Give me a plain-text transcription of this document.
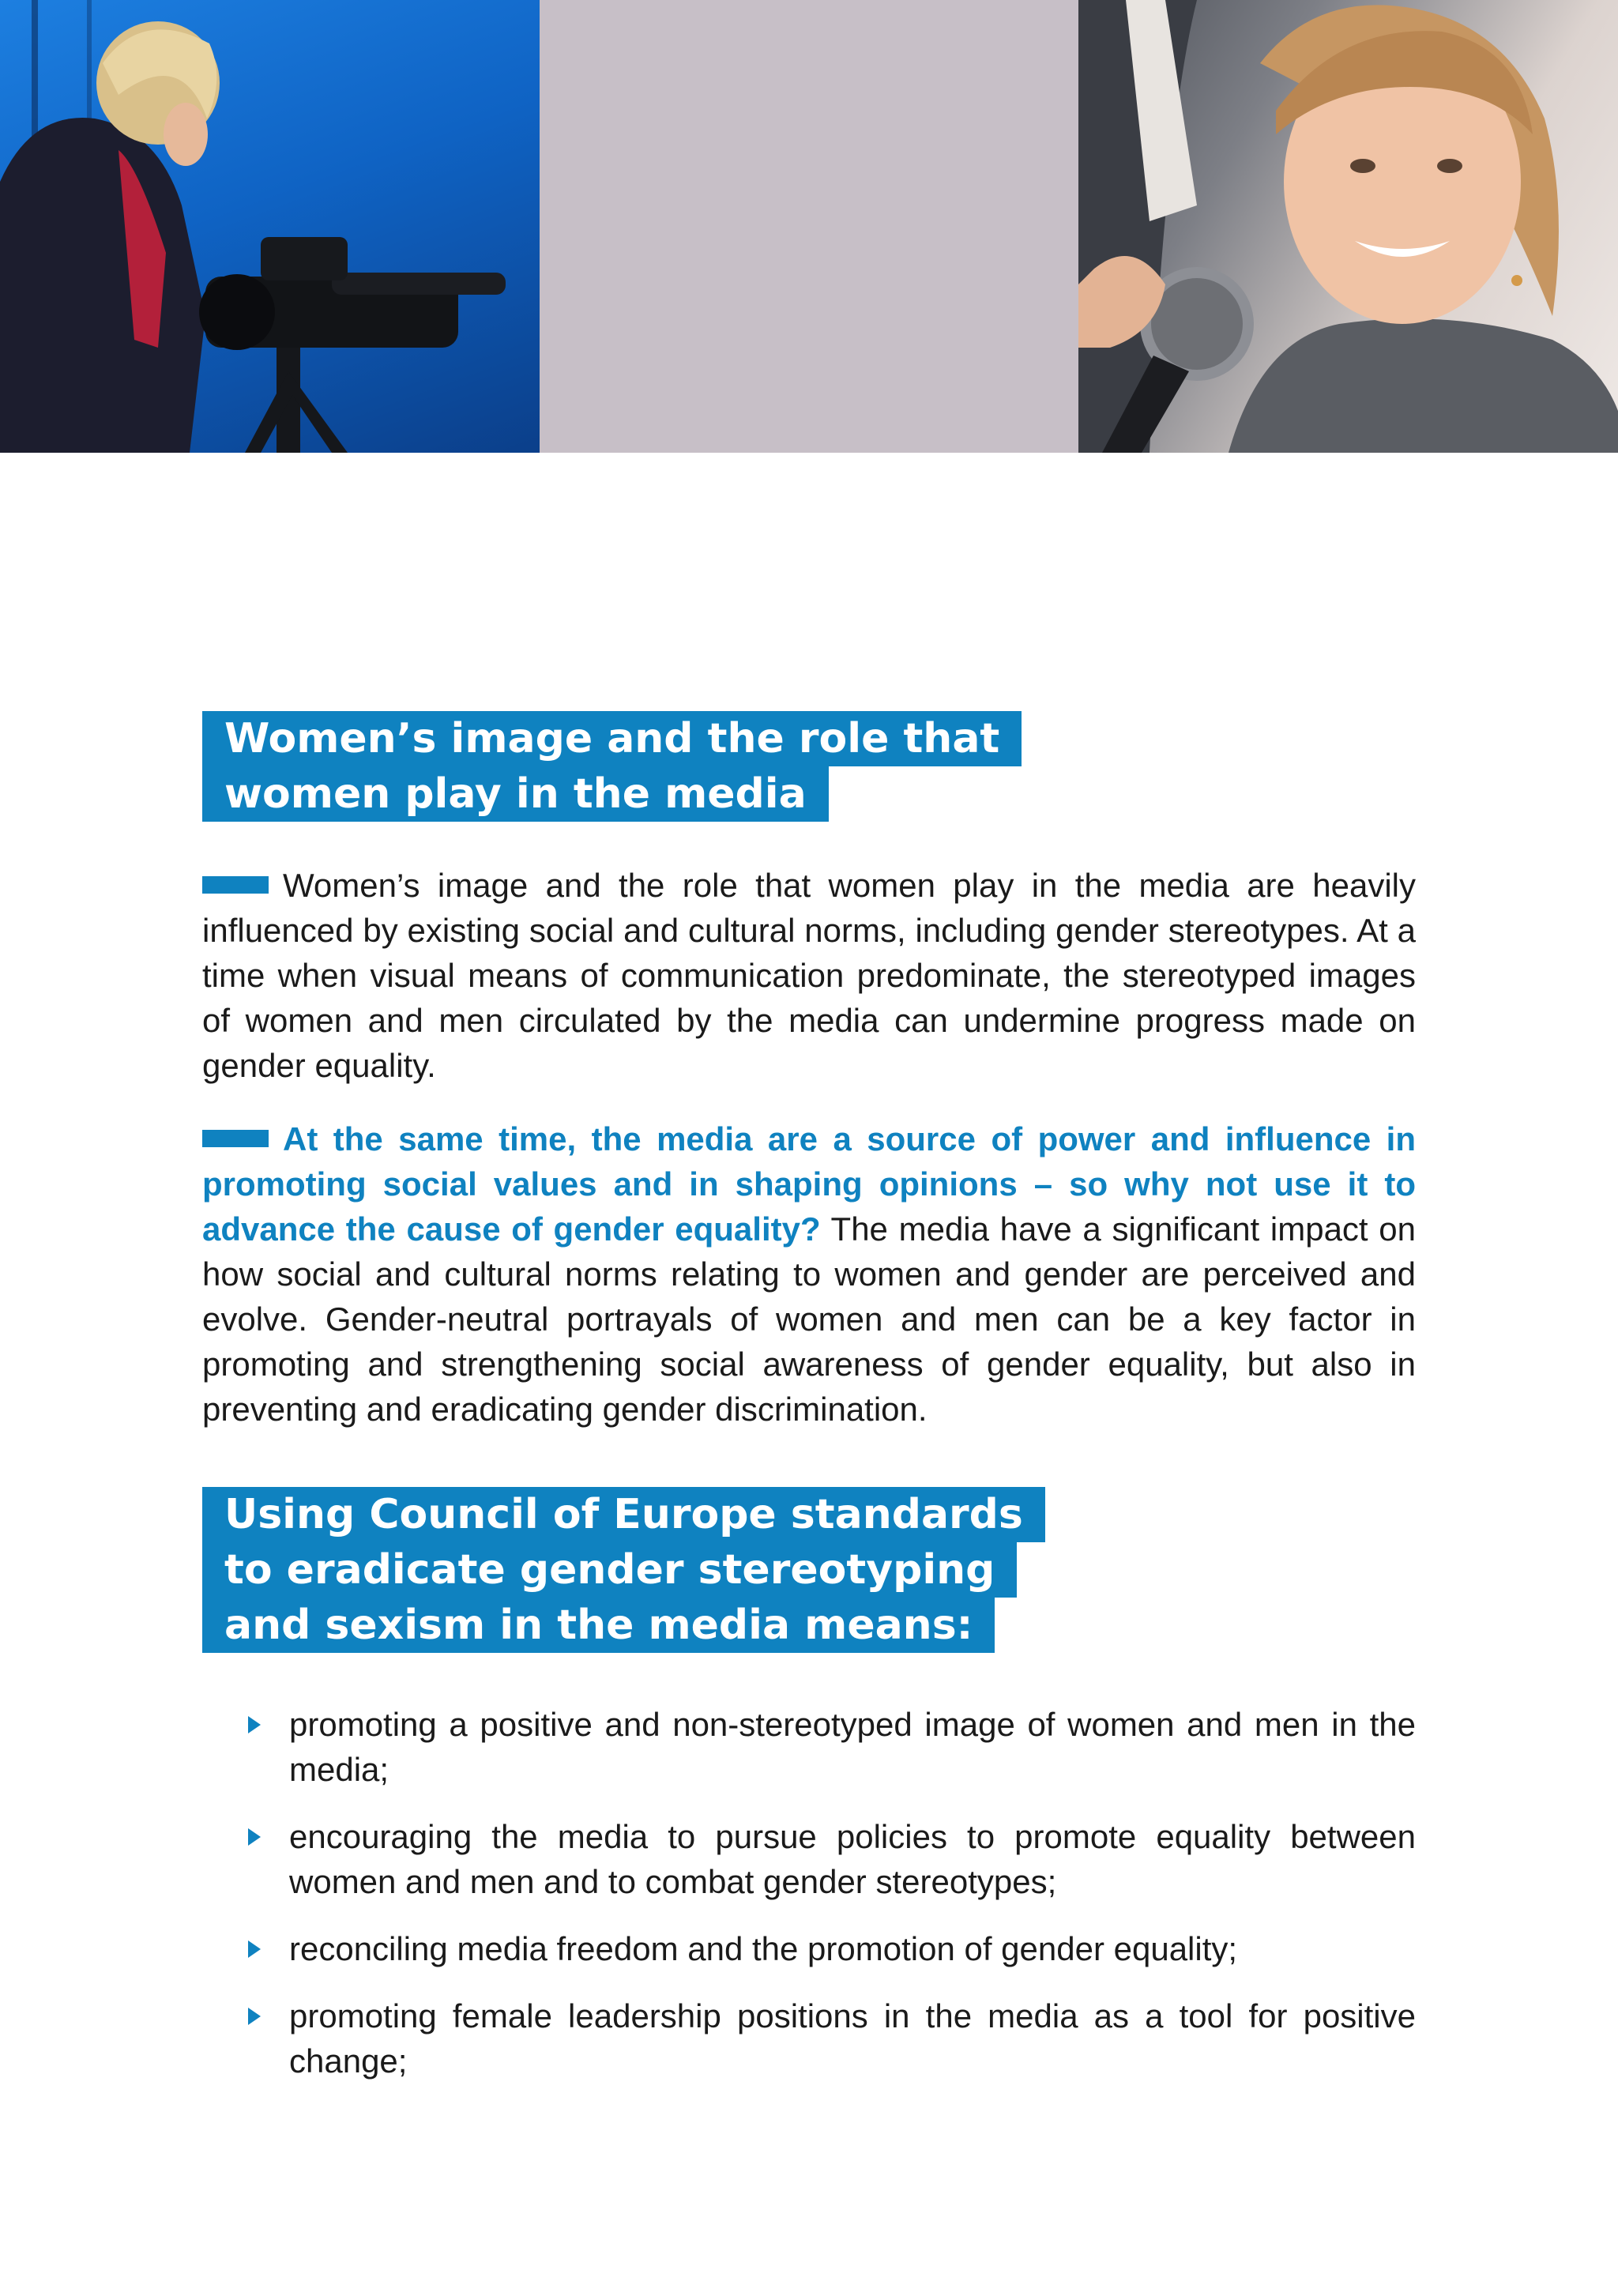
Women’s image and the role that
women play in the media

Women’s image and the role that women play in the media are heavily influenced by existing social and cultural norms, including gender stereotypes. At a time when visual means of communication predominate, the stereotyped images of women and men circulated by the media can undermine progress made on gender equality.

At the same time, the media are a source of power and influence in promoting social values and in shaping opinions – so why not use it to advance the cause of gender equality? The media have a significant impact on how social and cultural norms relating to women and gender are perceived and evolve. Gender-neutral portrayals of women and men can be a key factor in promoting and strengthening social awareness of gender equality, but also in preventing and eradicating gender discrimination.

Using Council of Europe standards
to eradicate gender stereotyping
and sexism in the media means:
promoting a positive and non-stereotyped image of women and men in the media;
encouraging the media to pursue policies to promote equality between women and men and to combat gender stereotypes;
reconciling media freedom and the promotion of gender equality;
promoting female leadership positions in the media as a tool for positive change;
